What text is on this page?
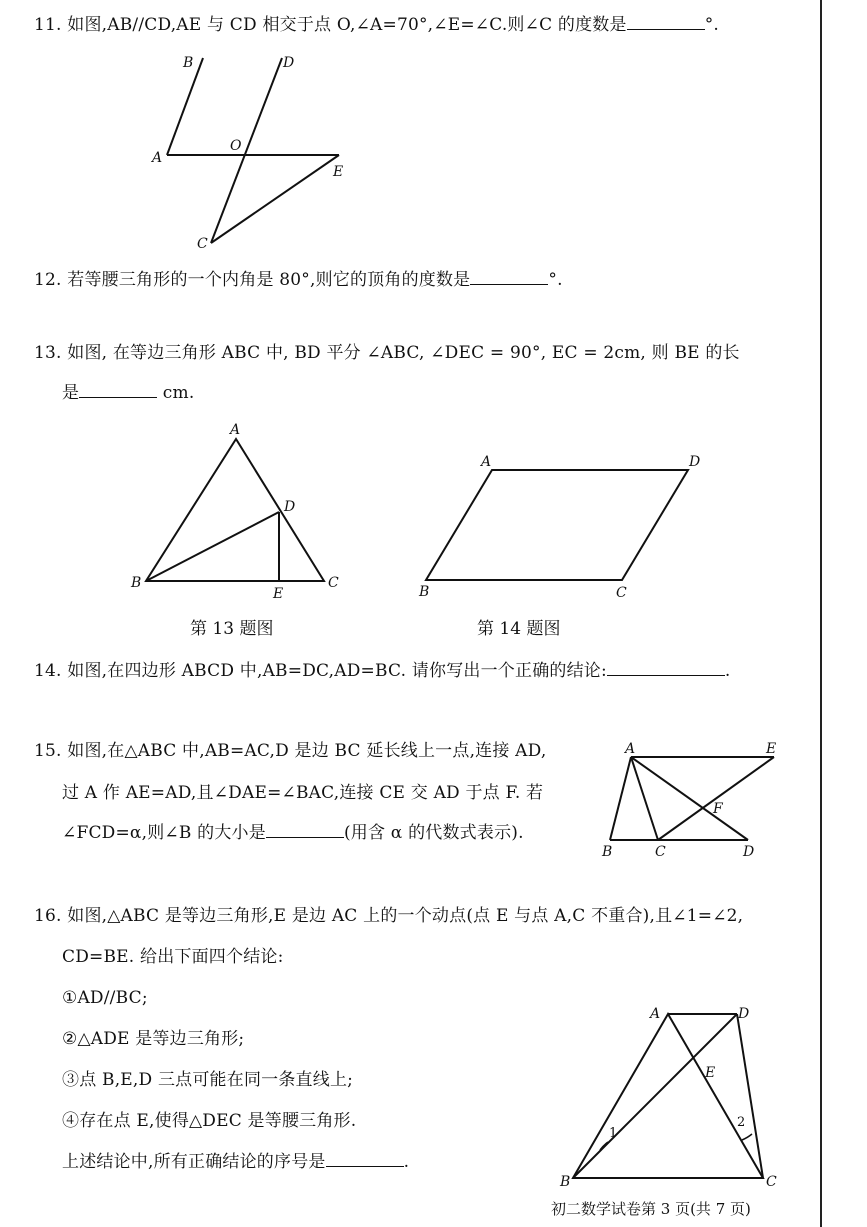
11. 如图,AB//CD,AE 与 CD 相交于点 O,∠A=70°,∠E=∠C.则∠C 的度数是	°.
B	D
A
O
E
C
12. 若等腰三角形的一个内角是 80°,则它的顶角的度数是	°.
13. 如图, 在等边三角形 ABC 中, BD 平分 ∠ABC, ∠DEC = 90°, EC = 2cm, 则 BE 的长
是	cm.
A
D
B	C
E
A	D
B	C
第 13 题图	第 14 题图
14. 如图,在四边形 ABCD 中,AB=DC,AD=BC. 请你写出一个正确的结论:	.
15. 如图,在△ABC 中,AB=AC,D 是边 BC 延长线上一点,连接 AD,
过 A 作 AE=AD,且∠DAE=∠BAC,连接 CE 交 AD 于点 F. 若
∠FCD=α,则∠B 的大小是	(用含 α 的代数式表示).
A	E
F
B	C	D
16. 如图,△ABC 是等边三角形,E 是边 AC 上的一个动点(点 E 与点 A,C 不重合),且∠1=∠2,
CD=BE. 给出下面四个结论:
①AD//BC;
②△ADE 是等边三角形;
③点 B,E,D 三点可能在同一条直线上;
④存在点 E,使得△DEC 是等腰三角形.
上述结论中,所有正确结论的序号是	.
A	D
E
1
2
B	C
初二数学试卷第 3 页(共 7 页)
